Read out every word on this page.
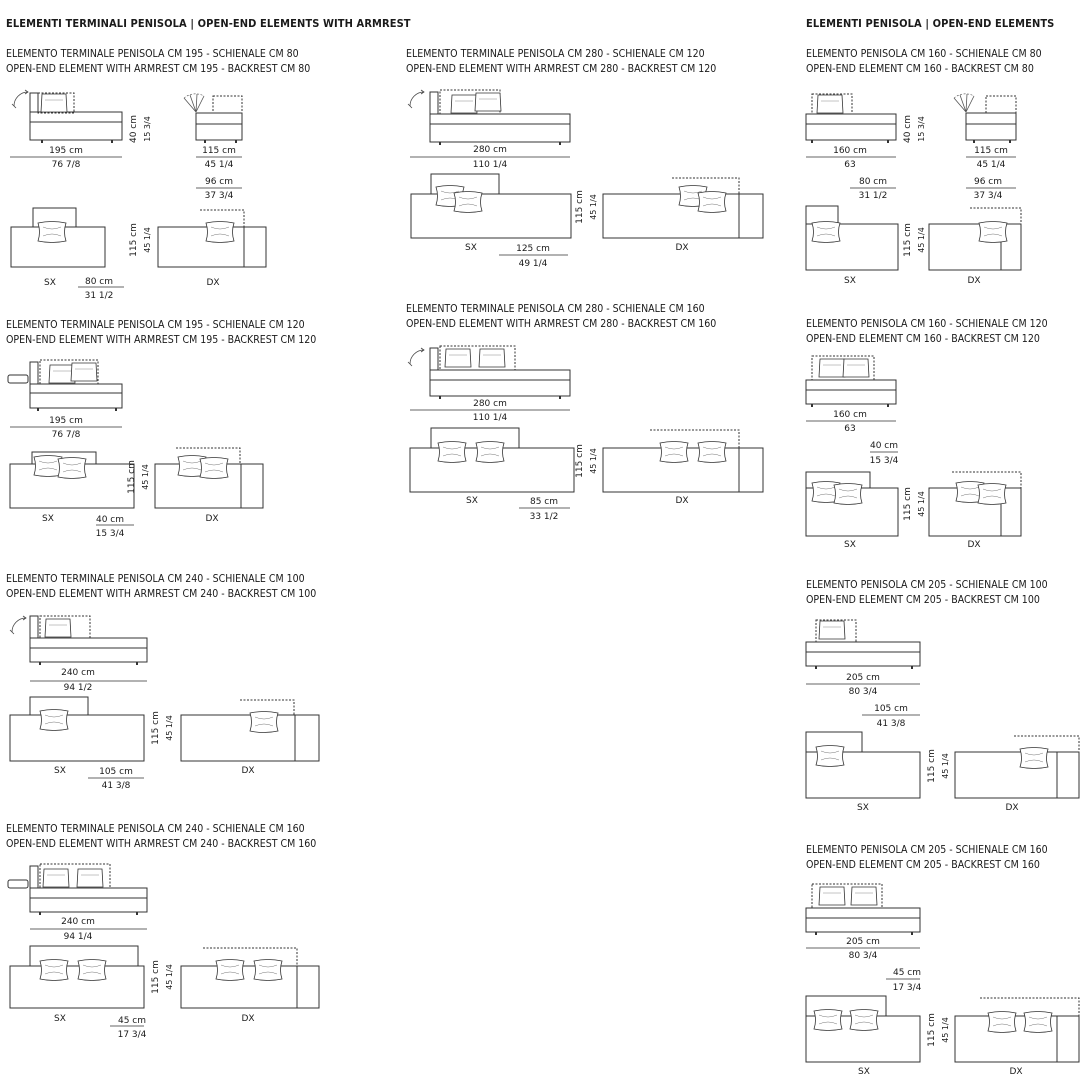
ELEMENTI TERMINALI PENISOLA | OPEN-END ELEMENTS WITH ARMREST	ELEMENTI PENISOLA | OPEN-END ELEMENTS
ELEMENTO TERMINALE PENISOLA CM 195 - SCHIENALE CM 80
OPEN-END ELEMENT WITH ARMREST CM 195 - BACKREST CM 80
ELEMENTO TERMINALE PENISOLA CM 195 - SCHIENALE CM 120
OPEN-END ELEMENT WITH ARMREST CM 195 - BACKREST CM 120
ELEMENTO TERMINALE PENISOLA CM 240 - SCHIENALE CM 100
OPEN-END ELEMENT WITH ARMREST CM 240 - BACKREST CM 100
ELEMENTO TERMINALE PENISOLA CM 240 - SCHIENALE CM 160
OPEN-END ELEMENT WITH ARMREST CM 240 - BACKREST CM 160
ELEMENTO TERMINALE PENISOLA CM 280 - SCHIENALE CM 120
OPEN-END ELEMENT WITH ARMREST CM 280 - BACKREST CM 120
ELEMENTO TERMINALE PENISOLA CM 280 - SCHIENALE CM 160
OPEN-END ELEMENT WITH ARMREST CM 280 - BACKREST CM 160
ELEMENTO PENISOLA CM 160 - SCHIENALE CM 80
OPEN-END ELEMENT CM 160 - BACKREST CM 80
ELEMENTO PENISOLA CM 160 - SCHIENALE CM 120
OPEN-END ELEMENT CM 160 - BACKREST CM 120
ELEMENTO PENISOLA CM 205 - SCHIENALE CM 100
OPEN-END ELEMENT CM 205 - BACKREST CM 100
ELEMENTO PENISOLA CM 205 - SCHIENALE CM 160
OPEN-END ELEMENT CM 205 - BACKREST CM 160
195 cm
76 7/8
115 cm
45 1/4
96 cm
37 3/4
80 cm
31 1/2
SX	DX
40 cm 15 3/4
115 cm 45 1/4
195 cm
76 7/8
40 cm
15 3/4
SX	DX
115 cm 45 1/4
240 cm
94 1/2
105 cm
41 3/8
SX	DX
115 cm 45 1/4
240 cm
94 1/4
45 cm
17 3/4
SX	DX
115 cm 45 1/4
280 cm
110 1/4
125 cm
49 1/4
SX	DX
115 cm 45 1/4
280 cm
110 1/4
85 cm
33 1/2
SX	DX
115 cm 45 1/4
160 cm
63
115 cm
45 1/4
80 cm
31 1/2
96 cm
37 3/4
SX	DX
40 cm 15 3/4
115 cm 45 1/4
160 cm
63
40 cm
15 3/4
SX	DX
115 cm 45 1/4
205 cm
80 3/4
105 cm
41 3/8
SX	DX
115 cm 45 1/4
205 cm
80 3/4
45 cm
17 3/4
SX	DX
115 cm 45 1/4
